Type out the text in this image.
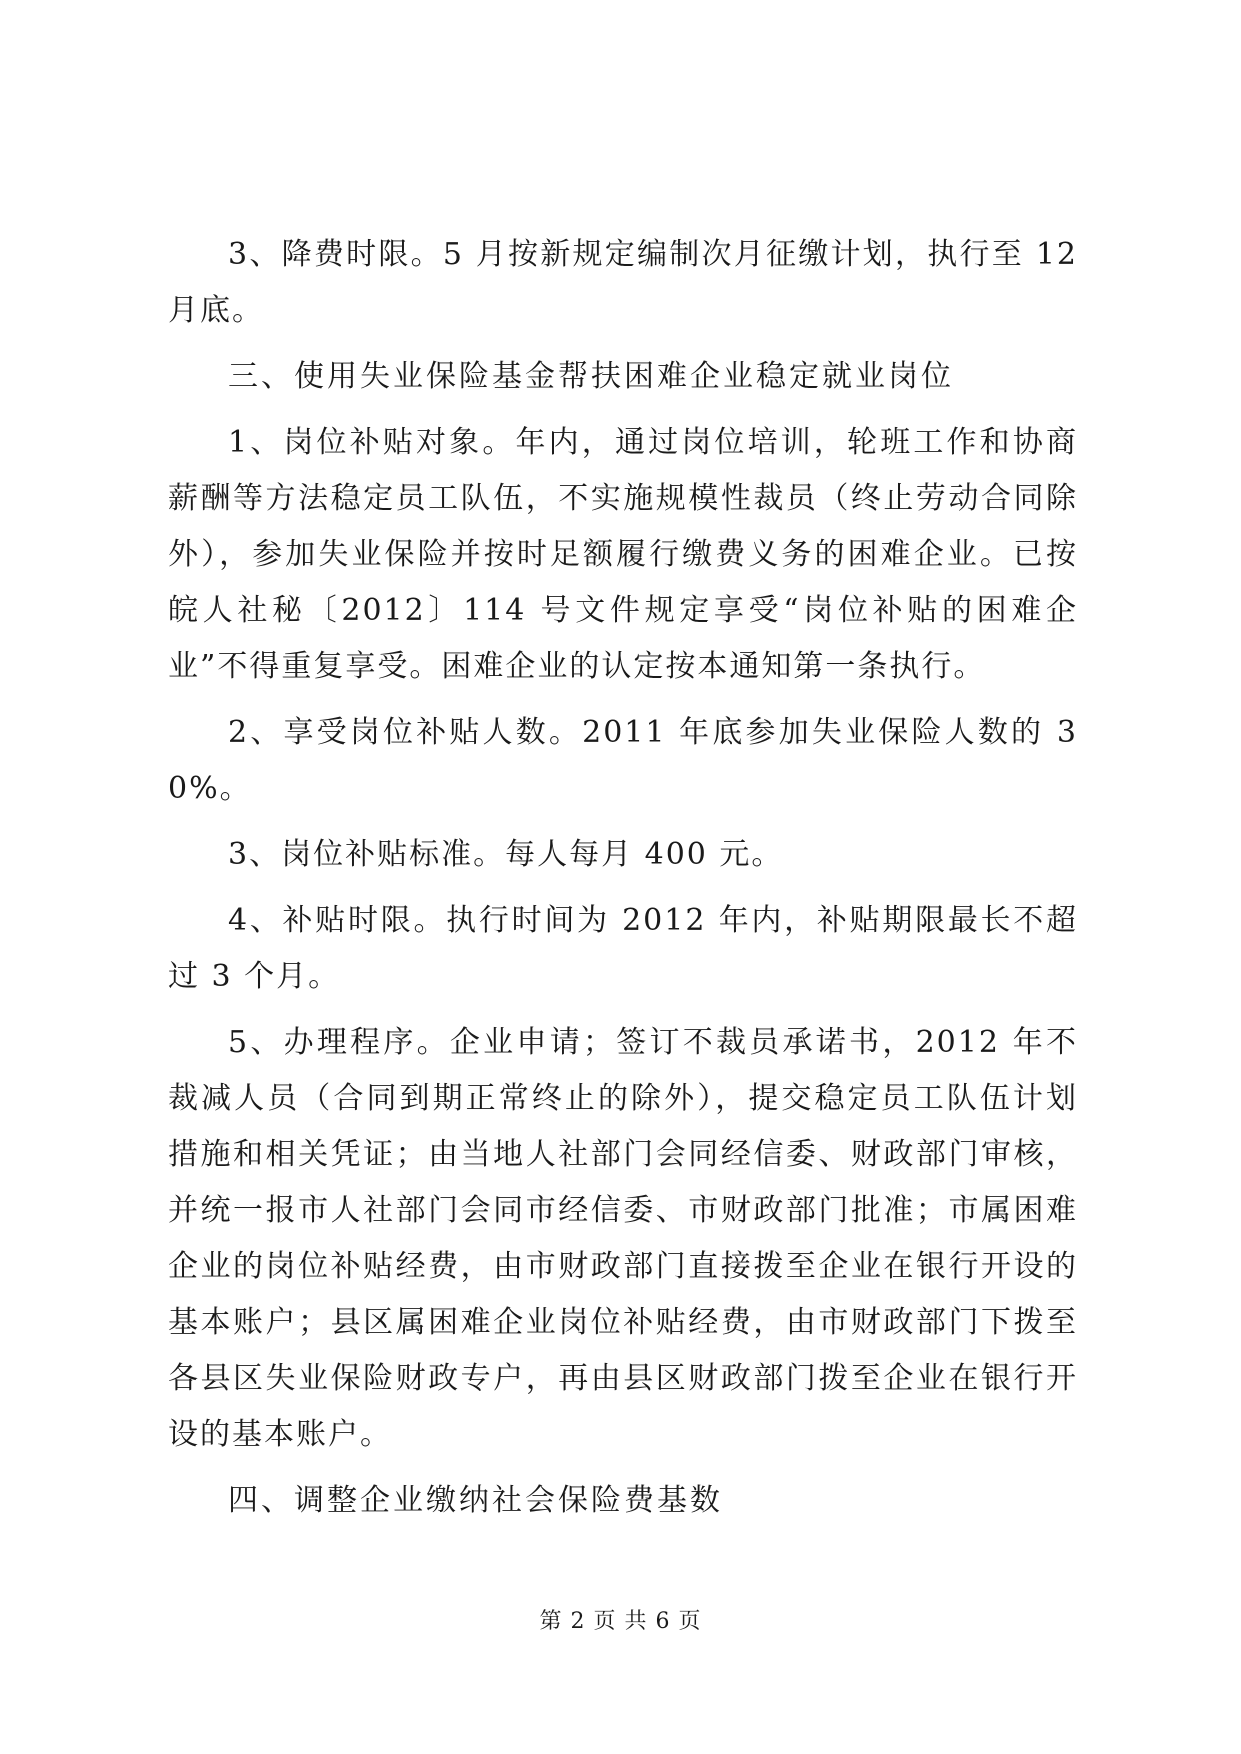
3、降费时限。5 月按新规定编制次月征缴计划，执行至 12 月底。

三、使用失业保险基金帮扶困难企业稳定就业岗位

1、岗位补贴对象。年内，通过岗位培训，轮班工作和协商薪酬等方法稳定员工队伍，不实施规模性裁员（终止劳动合同除外），参加失业保险并按时足额履行缴费义务的困难企业。已按皖人社秘〔2012〕114 号文件规定享受“岗位补贴的困难企业”不得重复享受。困难企业的认定按本通知第一条执行。

2、享受岗位补贴人数。2011 年底参加失业保险人数的 30%。

3、岗位补贴标准。每人每月 400 元。

4、补贴时限。执行时间为 2012 年内，补贴期限最长不超过 3 个月。

5、办理程序。企业申请；签订不裁员承诺书，2012 年不裁减人员（合同到期正常终止的除外），提交稳定员工队伍计划措施和相关凭证；由当地人社部门会同经信委、财政部门审核，并统一报市人社部门会同市经信委、市财政部门批准；市属困难企业的岗位补贴经费，由市财政部门直接拨至企业在银行开设的基本账户；县区属困难企业岗位补贴经费，由市财政部门下拨至各县区失业保险财政专户，再由县区财政部门拨至企业在银行开设的基本账户。

四、调整企业缴纳社会保险费基数

第 2 页 共 6 页
